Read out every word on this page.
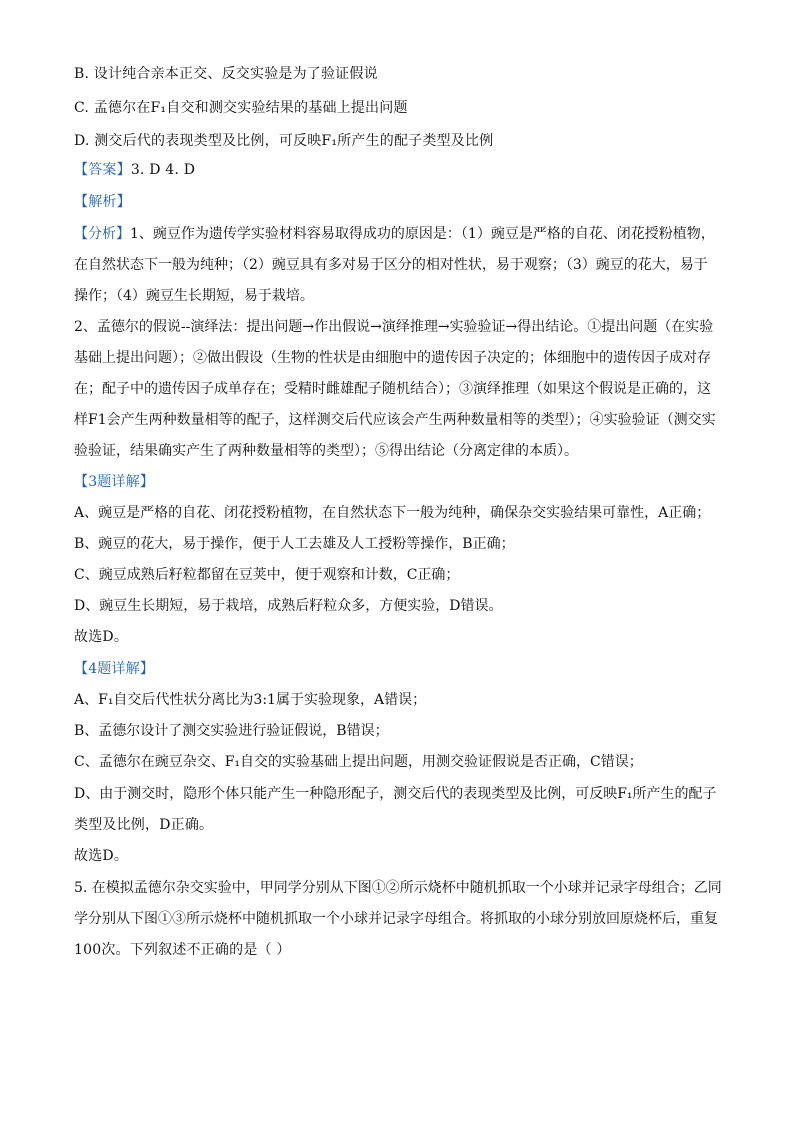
B. 设计纯合亲本正交、反交实验是为了验证假说
C. 孟德尔在F₁自交和测交实验结果的基础上提出问题
D. 测交后代的表现类型及比例，可反映F₁所产生的配子类型及比例
【答案】3. D 4. D
【解析】
【分析】1、豌豆作为遗传学实验材料容易取得成功的原因是：（1）豌豆是严格的自花、闭花授粉植物，
在自然状态下一般为纯种；（2）豌豆具有多对易于区分的相对性状，易于观察；（3）豌豆的花大，易于
操作；（4）豌豆生长期短，易于栽培。
2、孟德尔的假说--演绎法：提出问题→作出假说→演绎推理→实验验证→得出结论。①提出问题（在实验
基础上提出问题）；②做出假设（生物的性状是由细胞中的遗传因子决定的；体细胞中的遗传因子成对存
在；配子中的遗传因子成单存在；受精时雌雄配子随机结合）；③演绎推理（如果这个假说是正确的，这
样F1会产生两种数量相等的配子，这样测交后代应该会产生两种数量相等的类型）；④实验验证（测交实
验验证，结果确实产生了两种数量相等的类型）；⑤得出结论（分离定律的本质）。
【3题详解】
A、豌豆是严格的自花、闭花授粉植物，在自然状态下一般为纯种，确保杂交实验结果可靠性，A正确；
B、豌豆的花大，易于操作，便于人工去雄及人工授粉等操作，B正确；
C、豌豆成熟后籽粒都留在豆荚中，便于观察和计数，C正确；
D、豌豆生长期短，易于栽培，成熟后籽粒众多，方便实验，D错误。
故选D。
【4题详解】
A、F₁自交后代性状分离比为3:1属于实验现象，A错误；
B、孟德尔设计了测交实验进行验证假说，B错误；
C、孟德尔在豌豆杂交、F₁自交的实验基础上提出问题，用测交验证假说是否正确，C错误；
D、由于测交时，隐形个体只能产生一种隐形配子，测交后代的表现类型及比例，可反映F₁所产生的配子
类型及比例，D正确。
故选D。
5. 在模拟孟德尔杂交实验中，甲同学分别从下图①②所示烧杯中随机抓取一个小球并记录字母组合；乙同
学分别从下图①③所示烧杯中随机抓取一个小球并记录字母组合。将抓取的小球分别放回原烧杯后，重复
100次。下列叙述不正确的是（ ）
